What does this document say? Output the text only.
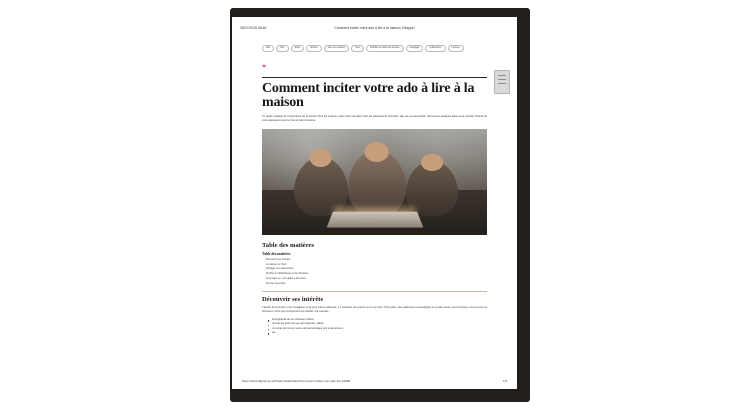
28/07/2025 08:46	Comment inciter votre ado à lire à la maison | Mappe!
ado	livre	ados	lecture	Lire à la maison	livre	Famille et loisirs de lecture	Langage	Collections	Lecture
❤
Comment inciter votre ado à lire à la maison

Un guide pratique de l'importance de la lecture chez les enfants, mais moins de ados chez les adolescents. Pourtant, elle est est essentielle. Découvrez quelques idées pour susciter l'intérêt de votre adolescent pour le livre et pour la lecture.

Table des matières
Table des matières
Découvrir ses intérêts …
Lui laisser le choix
Partager une découverte …
Profiter du bibliothèque et les librairies …
Aménager un coin dédié à la lecture
Donner l'exemple …
Découvrir ses intérêts

L'amour de la lecture n'est contagieux et ça peut même évidentes, il a certaines de lecteurs sur le son livre. Pour aider votre adolescent à développer un certain amour pour la lecture, vous pouvez lui proposer un livre qui correspond à ses intérêts, par exemple :

la biographie de son chanteur préféré
un livre qui traite d'un jeu qu'il apprécie; valider
un roman qui met en scène des personnages qu'il a récemment…
etc.
https://www.allprof.qc.ca/fr/parents/articles/fr/comment-inciter-mon-ado-lire-41056	1/3
